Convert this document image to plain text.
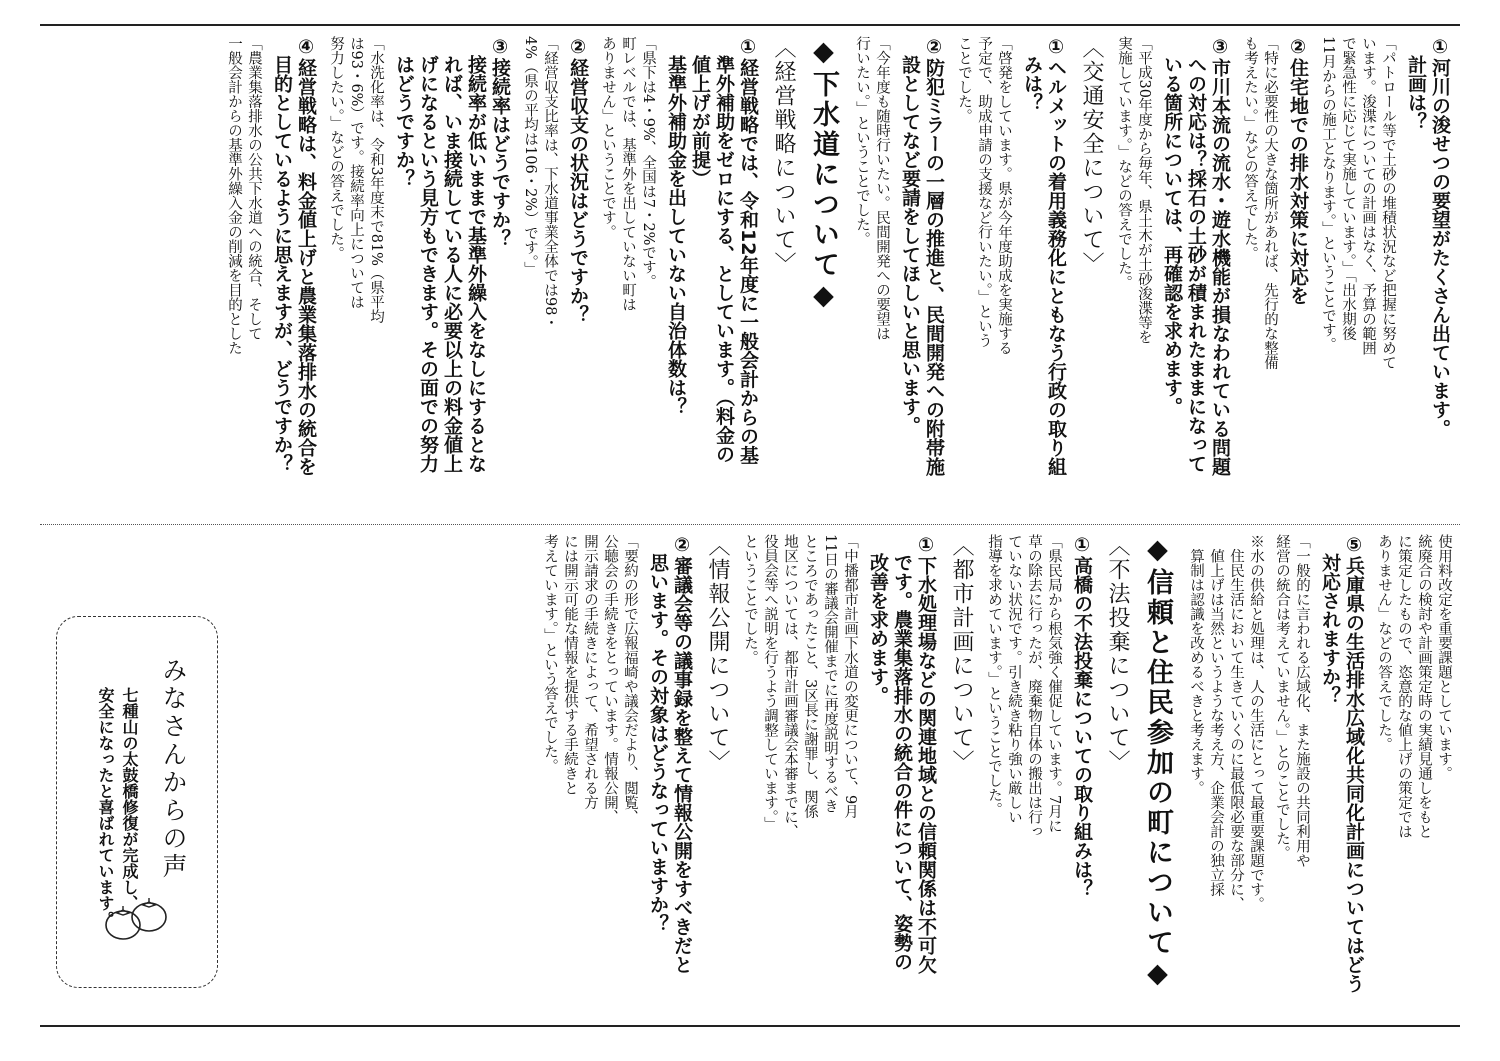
①河川の浚せつの要望がたくさん出ています。
　計画は？
「パトロール等で土砂の堆積状況など把握に努めて
います。浚渫についての計画はなく、予算の範囲
で緊急性に応じて実施しています。」「出水期後
11月からの施工となります。」ということです。
②住宅地での排水対策に対応を
「特に必要性の大きな箇所があれば、先行的な整備
も考えたい。」などの答えでした。
③市川本流の流水・遊水機能が損なわれている問題
　への対応は？採石の土砂が積まれたままになって
　いる箇所については、再確認を求めます。
「平成30年度から毎年、県土木が土砂浚渫等を
実施しています。」などの答えでした。
〈交通安全について〉
①ヘルメットの着用義務化にともなう行政の取り組
　みは？
「啓発をしています。県が今年度助成を実施する
予定で、助成申請の支援など行いたい。」という
ことでした。
②防犯ミラーの一層の推進と、民間開発への附帯施
　設としてなど要請をしてほしいと思います。
「今年度も随時行いたい。民間開発への要望は
行いたい。」ということでした。
◆下水道について◆
〈経営戦略について〉
①経営戦略では、令和12年度に一般会計からの基
　準外補助をゼロにする、としています。（料金の
　値上げが前提）
　基準外補助金を出していない自治体数は？
「県下は4・9%、全国は7・2%です。
町レベルでは、基準外を出していない町は
ありません」ということです。
②経営収支の状況はどうですか？
「経営収支比率は、下水道事業全体では98・
4%（県の平均は106・2%）です。」
③接続率はどうですか？
　接続率が低いままで基準外繰入をなしにするとな
　れば、いま接続している人に必要以上の料金値上
　げになるという見方もできます。その面での努力
　はどうですか？
「水洗化率は、令和3年度末で81%（県平均
は93・6%）です。接続率向上については
努力したい。」などの答えでした。
④経営戦略は、料金値上げと農業集落排水の統合を
　目的としているように思えますが、どうですか？
「農業集落排水の公共下水道への統合、そして
一般会計からの基準外繰入金の削減を目的とした
使用料改定を重要課題としています。
統廃合の検討や計画策定時の実績見通しをもと
に策定したもので、恣意的な値上げの策定では
ありません」などの答えでした。
⑤兵庫県の生活排水広域化共同化計画についてはどう
　対応されますか？
「一般的に言われる広域化、また施設の共同利用や
経営の統合は考えていません。」とのことでした。
※水の供給と処理は、人の生活にとって最重要課題です。
　住民生活において生きていくのに最低限必要な部分に、
　値上げは当然というような考え方、企業会計の独立採
　算制は認識を改めるべきと考えます。
◆信頼と住民参加の町について◆
〈不法投棄について〉
①高橋の不法投棄についての取り組みは？
「県民局から根気強く催促しています。7月に
草の除去に行ったが、廃棄物自体の搬出は行っ
ていない状況です。引き続き粘り強い厳しい
指導を求めています。」ということでした。
〈都市計画について〉
①下水処理場などの関連地域との信頼関係は不可欠
　です。農業集落排水の統合の件について、姿勢の
　改善を求めます。
「中播都市計画下水道の変更について、9月
11日の審議会開催までに再度説明するべき
ところであったこと、3区長に謝罪し、関係
地区については、都市計画審議会本審までに、
役員会等へ説明を行うよう調整しています。」
ということでした。
〈情報公開について〉
②審議会等の議事録を整えて情報公開をすべきだと
　思います。その対象はどうなっていますか？
「要約の形で広報福崎や議会だより、閲覧、
公聴会の手続きをとっています。情報公開、
開示請求の手続きによって、希望される方
には開示可能な情報を提供する手続きと
考えています。」という答えでした。
みなさんからの声
七種山の太鼓橋修復が完成し、
安全になったと喜ばれています。
